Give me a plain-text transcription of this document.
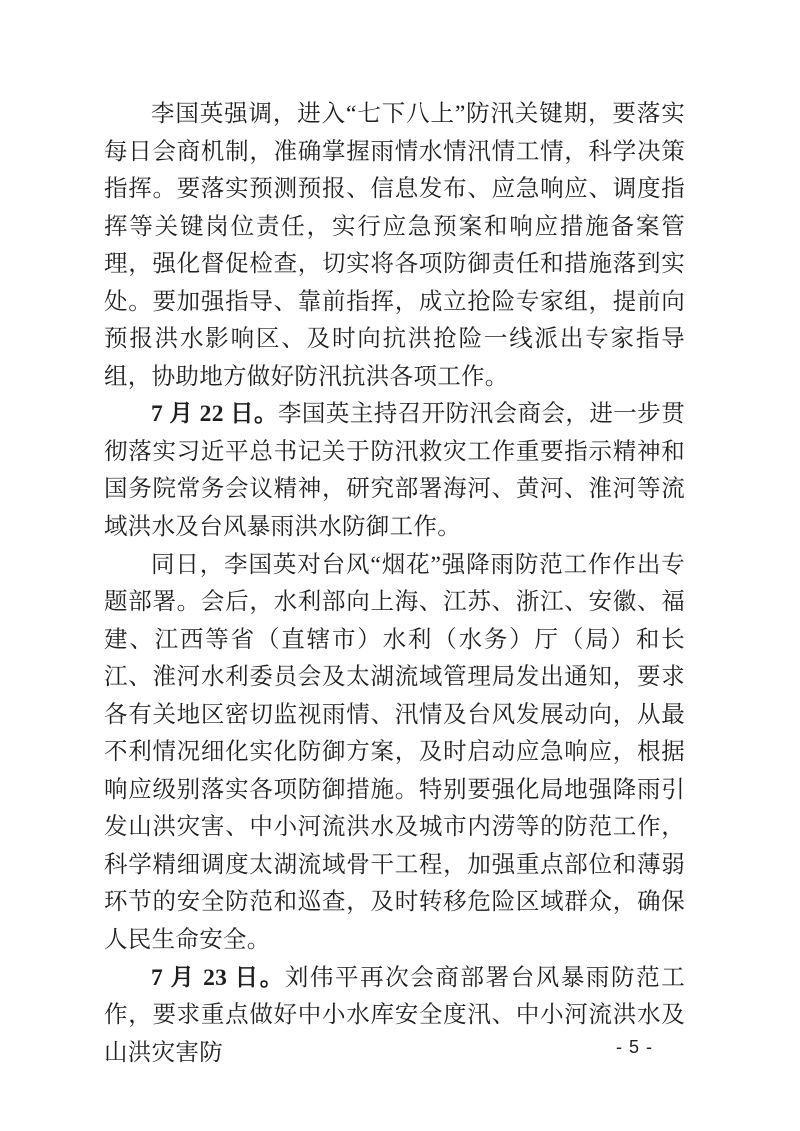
李国英强调，进入“七下八上”防汛关键期，要落实每日会商机制，准确掌握雨情水情汛情工情，科学决策指挥。要落实预测预报、信息发布、应急响应、调度指挥等关键岗位责任，实行应急预案和响应措施备案管理，强化督促检查，切实将各项防御责任和措施落到实处。要加强指导、靠前指挥，成立抢险专家组，提前向预报洪水影响区、及时向抗洪抢险一线派出专家指导组，协助地方做好防汛抗洪各项工作。

7 月 22 日。李国英主持召开防汛会商会，进一步贯彻落实习近平总书记关于防汛救灾工作重要指示精神和国务院常务会议精神，研究部署海河、黄河、淮河等流域洪水及台风暴雨洪水防御工作。

同日，李国英对台风“烟花”强降雨防范工作作出专题部署。会后，水利部向上海、江苏、浙江、安徽、福建、江西等省（直辖市）水利（水务）厅（局）和长江、淮河水利委员会及太湖流域管理局发出通知，要求各有关地区密切监视雨情、汛情及台风发展动向，从最不利情况细化实化防御方案，及时启动应急响应，根据响应级别落实各项防御措施。特别要强化局地强降雨引发山洪灾害、中小河流洪水及城市内涝等的防范工作，科学精细调度太湖流域骨干工程，加强重点部位和薄弱环节的安全防范和巡查，及时转移危险区域群众，确保人民生命安全。

7 月 23 日。刘伟平再次会商部署台风暴雨防范工作，要求重点做好中小水库安全度汛、中小河流洪水及山洪灾害防	- 5 -
